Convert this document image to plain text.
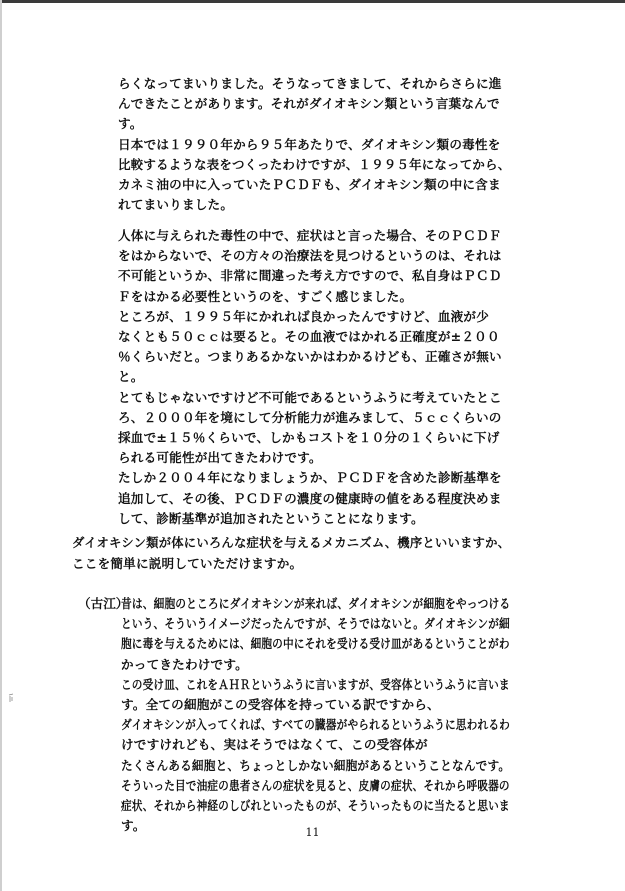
らくなってまいりました。そうなってきまして、それからさらに進
んできたことがあります。それがダイオキシン類という言葉なんで
す。
日本では１９９０年から９５年あたりで、ダイオキシン類の毒性を
比較するような表をつくったわけですが、１９９５年になってから、
カネミ油の中に入っていたＰＣＤＦも、ダイオキシン類の中に含ま
れてまいりました。
人体に与えられた毒性の中で、症状はと言った場合、そのＰＣＤＦ
をはからないで、その方々の治療法を見つけるというのは、それは
不可能というか、非常に間違った考え方ですので、私自身はＰＣＤ
Ｆをはかる必要性というのを、すごく感じました。
ところが、１９９５年にかれれば良かったんですけど、血液が少
なくとも５０ｃｃは要ると。その血液ではかれる正確度が±２００
％くらいだと。つまりあるかないかはわかるけども、正確さが無い
と。
とてもじゃないですけど不可能であるというふうに考えていたとこ
ろ、２０００年を境にして分析能力が進みまして、５ｃｃくらいの
採血で±１５％くらいで、しかもコストを１０分の１くらいに下げ
られる可能性が出てきたわけです。
たしか２００４年になりましょうか、ＰＣＤＦを含めた診断基準を
追加して、その後、ＰＣＤＦの濃度の健康時の値をある程度決めま
して、診断基準が追加されたということになります。
ダイオキシン類が体にいろんな症状を与えるメカニズム、機序といいますか、
ここを簡単に説明していただけますか。
（古江）
昔は、細胞のところにダイオキシンが来れば、ダイオキシンが細胞をやっつける
という、そういうイメージだったんですが、そうではないと。ダイオキシンが細
胞に毒を与えるためには、細胞の中にそれを受ける受け皿があるということがわ
かってきたわけです。
この受け皿、これをＡＨＲというふうに言いますが、受容体というふうに言いま
す。全ての細胞がこの受容体を持っている訳ですから、
ダイオキシンが入ってくれば、すべての臓器がやられるというふうに思われるわ
けですけれども、実はそうではなくて、この受容体が
たくさんある細胞と、ちょっとしかない細胞があるということなんです。
そういった目で油症の患者さんの症状を見ると、皮膚の症状、それから呼吸器の
症状、それから神経のしびれといったものが、そういったものに当たると思いま
す。	11
